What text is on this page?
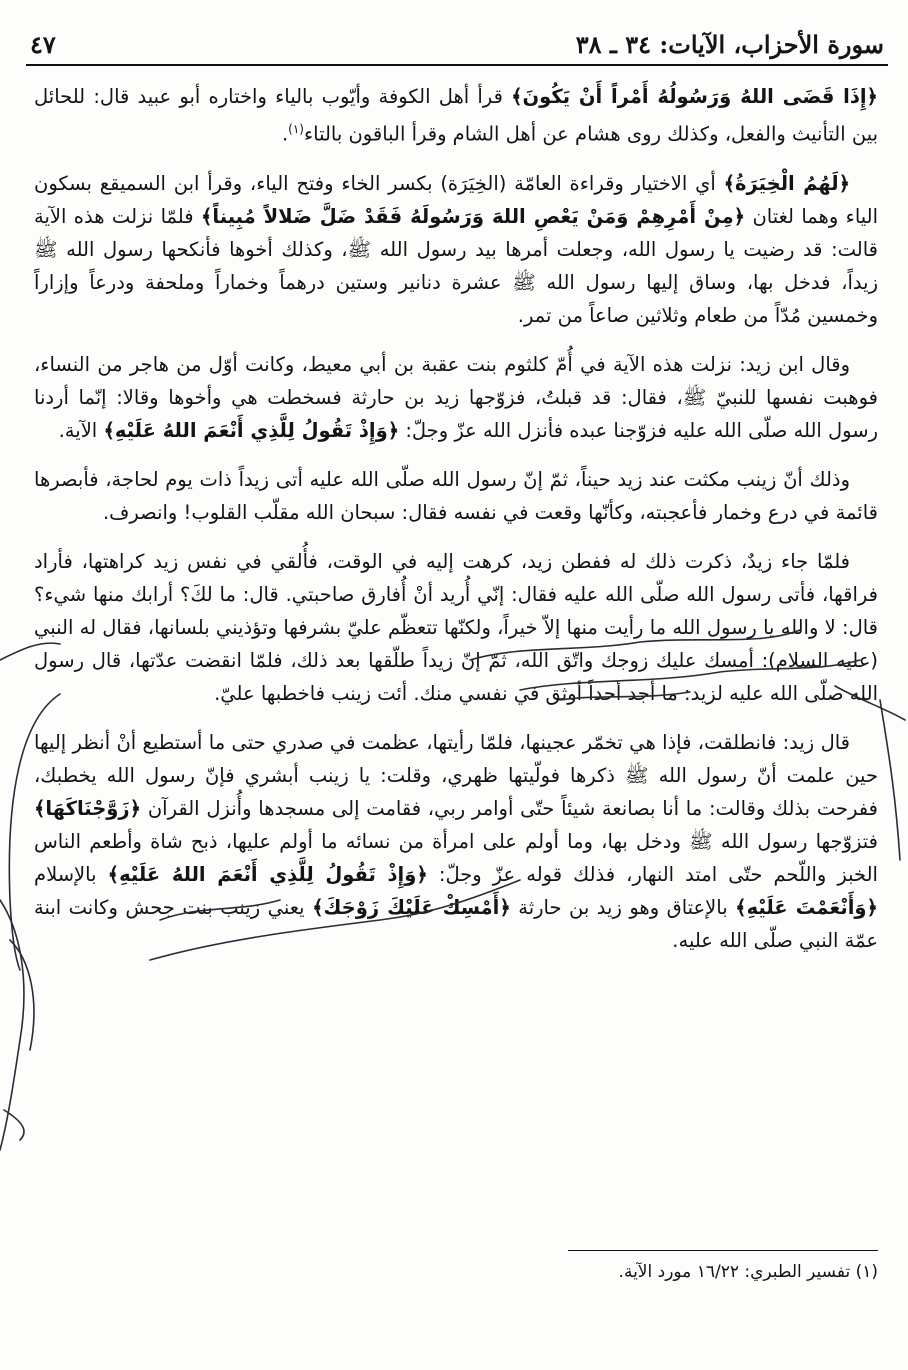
سورة الأحزاب، الآيات: ٣٤ ـ ٣٨
٤٧

﴿إِذَا قَضَى اللهُ وَرَسُولُهُ أَمْراً أَنْ يَكُونَ﴾ قرأ أهل الكوفة وأيّوب بالياء واختاره أبو عبيد قال: للحائل بين التأنيث والفعل، وكذلك روى هشام عن أهل الشام وقرأ الباقون بالتاء$^{(١)}$.

﴿لَهُمُ الْخِيَرَةُ﴾ أي الاختيار وقراءة العامّة (الخِيَرَة) بكسر الخاء وفتح الياء، وقرأ ابن السميقع بسكون الياء وهما لغتان ﴿مِنْ أَمْرِهِمْ وَمَنْ يَعْصِ اللهَ وَرَسُولَهُ فَقَدْ ضَلَّ ضَلالاً مُبِيناً﴾ فلمّا نزلت هذه الآية قالت: قد رضيت يا رسول الله، وجعلت أمرها بيد رسول الله ﷺ، وكذلك أخوها فأنكحها رسول الله ﷺ زيداً، فدخل بها، وساق إليها رسول الله ﷺ عشرة دنانير وستين درهماً وخماراً وملحفة ودرعاً وإزاراً وخمسين مُدّاً من طعام وثلاثين صاعاً من تمر.

وقال ابن زيد: نزلت هذه الآية في أُمّ كلثوم بنت عقبة بن أبي معيط، وكانت أوّل من هاجر من النساء، فوهبت نفسها للنبيّ ﷺ، فقال: قد قبلتُ، فزوّجها زيد بن حارثة فسخطت هي وأخوها وقالا: إنّما أردنا رسول الله صلّى الله عليه فزوّجنا عبده فأنزل الله عزّ وجلّ: ﴿وَإِذْ تَقُولُ لِلَّذِي أَنْعَمَ اللهُ عَلَيْهِ﴾ الآية.

وذلك أنّ زينب مكثت عند زيد حيناً، ثمّ إنّ رسول الله صلّى الله عليه أتى زيداً ذات يوم لحاجة، فأبصرها قائمة في درع وخمار فأعجبته، وكأنّها وقعت في نفسه فقال: سبحان الله مقلّب القلوب! وانصرف.

فلمّا جاء زيدٌ، ذكرت ذلك له ففطن زيد، كرهت إليه في الوقت، فأُلقي في نفس زيد كراهتها، فأراد فراقها، فأتى رسول الله صلّى الله عليه فقال: إنّي أُريد أنْ أُفارق صاحبتي. قال: ما لكَ؟ أرابك منها شيء؟ قال: لا والله يا رسول الله ما رأيت منها إلاّ خيراً، ولكنّها تتعظّم عليّ بشرفها وتؤذيني بلسانها، فقال له النبي (عليه السلام): أمسك عليك زوجك واتّق الله، ثمّ إنّ زيداً طلّقها بعد ذلك، فلمّا انقضت عدّتها، قال رسول الله صلّى الله عليه لزيد: ما أجد أحداً أوثق في نفسي منك. أئت زينب فاخطبها عليّ.

قال زيد: فانطلقت، فإذا هي تخمّر عجينها، فلمّا رأيتها، عظمت في صدري حتى ما أستطيع أنْ أنظر إليها حين علمت أنّ رسول الله ﷺ ذكرها فولّيتها ظهري، وقلت: يا زينب أبشري فإنّ رسول الله يخطبك، ففرحت بذلك وقالت: ما أنا بصانعة شيئاً حتّى أوامر ربي، فقامت إلى مسجدها وأُنزل القرآن ﴿زَوَّجْنَاكَهَا﴾ فتزوّجها رسول الله ﷺ ودخل بها، وما أولم على امرأة من نسائه ما أولم عليها، ذبح شاة وأطعم الناس الخبز واللّحم حتّى امتد النهار، فذلك قوله عزّ وجلّ: ﴿وَإِذْ تَقُولُ لِلَّذِي أَنْعَمَ اللهُ عَلَيْهِ﴾ بالإسلام ﴿وَأَنْعَمْتَ عَلَيْهِ﴾ بالإعتاق وهو زيد بن حارثة ﴿أَمْسِكْ عَلَيْكَ زَوْجَكَ﴾ يعني زينب بنت جحش وكانت ابنة عمّة النبي صلّى الله عليه.

(١) تفسير الطبري: ١٦/٢٢ مورد الآية.
